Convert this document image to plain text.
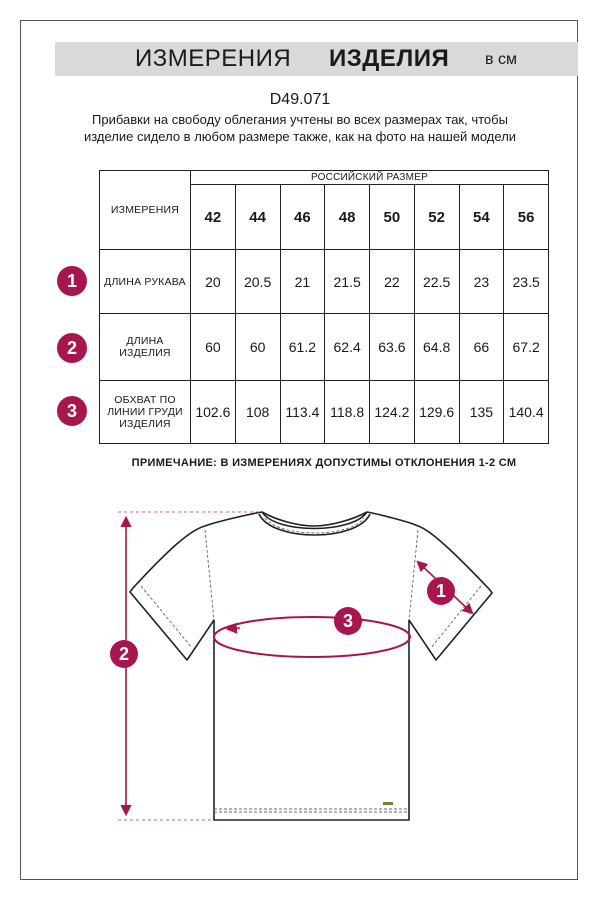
ИЗМЕРЕНИЯ ИЗДЕЛИЯ в см
D49.071
Прибавки на свободу облегания учтены во всех размерах так, чтобы изделие сидело в любом размере также, как на фото на нашей модели
ИЗМЕРЕНИЯ	РОССИЙСКИЙ РАЗМЕР							
	42	44	46	48	50	52	54	56
ДЛИНА РУКАВА	20	20.5	21	21.5	22	22.5	23	23.5
ДЛИНА ИЗДЕЛИЯ	60	60	61.2	62.4	63.6	64.8	66	67.2
ОБХВАТ ПО ЛИНИИ ГРУДИ ИЗДЕЛИЯ	102.6	108	113.4	118.8	124.2	129.6	135	140.4
1
2
3
ПРИМЕЧАНИЕ: В ИЗМЕРЕНИЯХ ДОПУСТИМЫ ОТКЛОНЕНИЯ 1-2 СМ
1
2
3
